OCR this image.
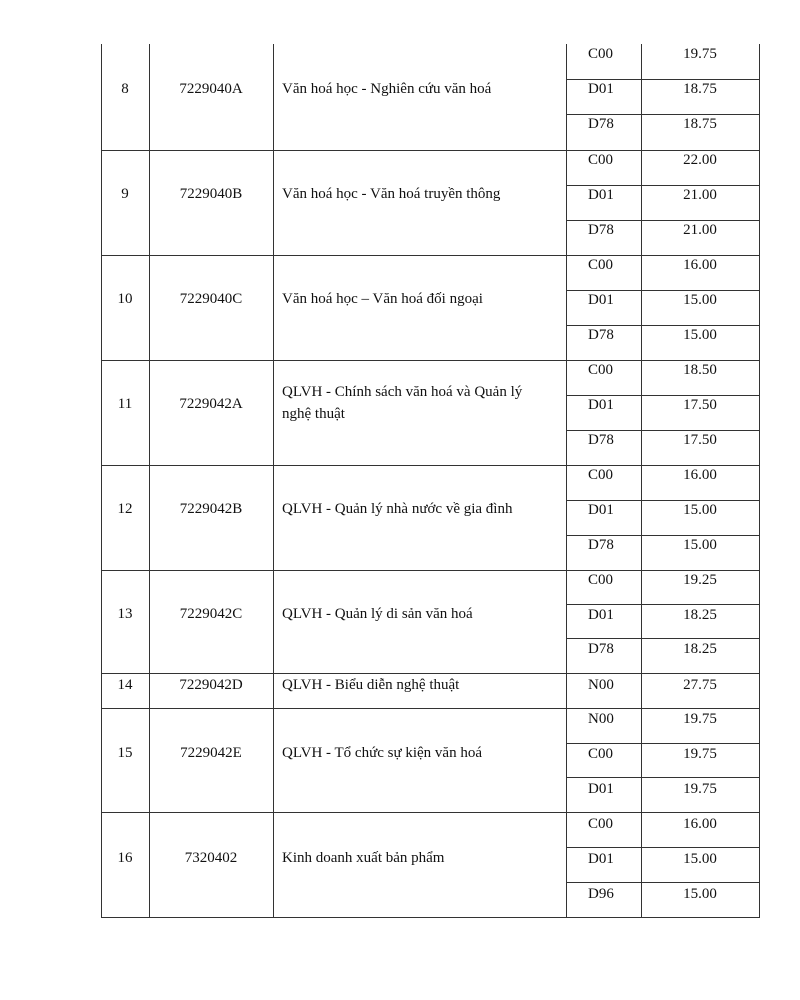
8	7229040A	Văn hoá học - Nghiên cứu văn hoá
C00	19.75
D01	18.75
D78	18.75
9	7229040B	Văn hoá học - Văn hoá truyền thông
C00	22.00
D01	21.00
D78	21.00
10	7229040C	Văn hoá học – Văn hoá đối ngoại
C00	16.00
D01	15.00
D78	15.00
11	7229042A
QLVH - Chính sách văn hoá và Quản lý
nghệ thuật
C00	18.50
D01	17.50
D78	17.50
12	7229042B	QLVH - Quản lý nhà nước về gia đình
C00	16.00
D01	15.00
D78	15.00
13	7229042C	QLVH - Quản lý di sản văn hoá
C00	19.25
D01	18.25
D78	18.25
14	7229042D	QLVH - Biểu diễn nghệ thuật	N00	27.75
15	7229042E	QLVH - Tổ chức sự kiện văn hoá
N00	19.75
C00	19.75
D01	19.75
16	7320402	Kinh doanh xuất bản phẩm
C00	16.00
D01	15.00
D96	15.00
